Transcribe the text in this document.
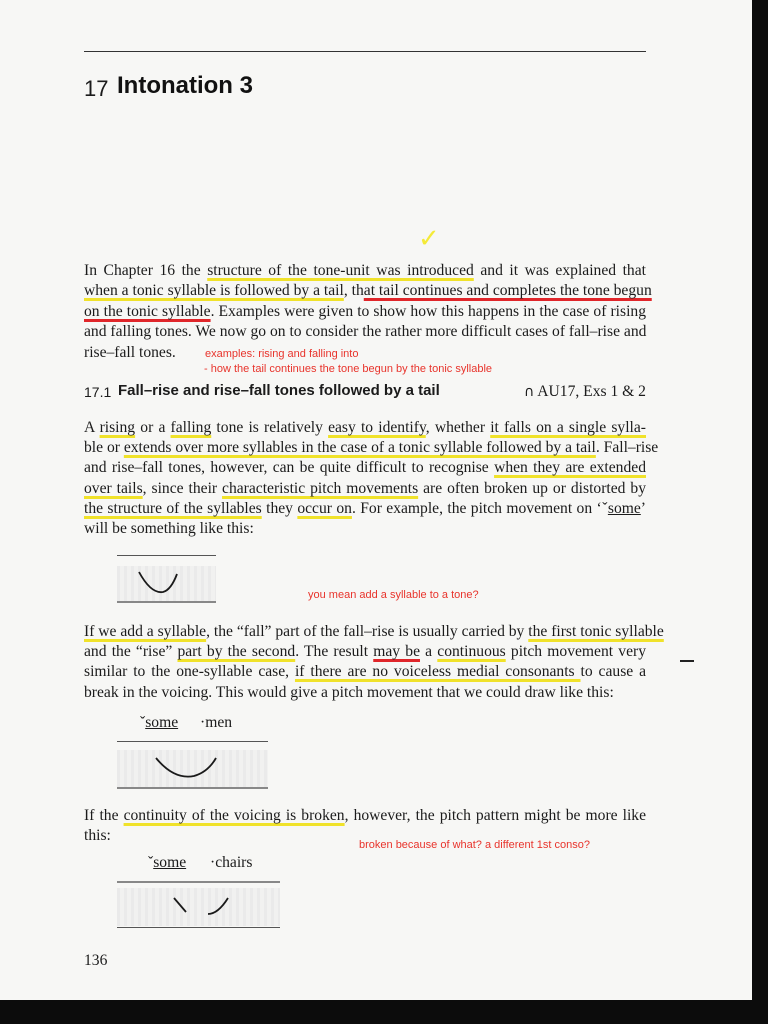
17 Intonation 3
✓
In Chapter 16 the structure of the tone-unit was introduced and it was explained that
when a tonic syllable is followed by a tail, that tail continues and completes the tone begun
on the tonic syllable. Examples were given to show how this happens in the case of rising
and falling tones. We now go on to consider the rather more difficult cases of fall–rise and
rise–fall tones.	examples: rising and falling into
- how the tail continues the tone begun by the tonic syllable
17.1 Fall–rise and rise–fall tones followed by a tail	∩ AU17, Exs 1 & 2
A rising or a falling tone is relatively easy to identify, whether it falls on a single sylla-
ble or extends over more syllables in the case of a tonic syllable followed by a tail. Fall–rise
and rise–fall tones, however, can be quite difficult to recognise when they are extended
over tails, since their characteristic pitch movements are often broken up or distorted by
the structure of the syllables they occur on. For example, the pitch movement on ‘ˇsome’
will be something like this:
you mean add a syllable to a tone?
If we add a syllable, the “fall” part of the fall–rise is usually carried by the first tonic syllable
and the “rise” part by the second. The result may be a continuous pitch movement very
similar to the one-syllable case, if there are no voiceless medial consonants to cause a
break in the voicing. This would give a pitch movement that we could draw like this:
ˇsome ·men
If the continuity of the voicing is broken, however, the pitch pattern might be more like
this:
broken because of what? a different 1st conso?
ˇsome ·chairs
136
